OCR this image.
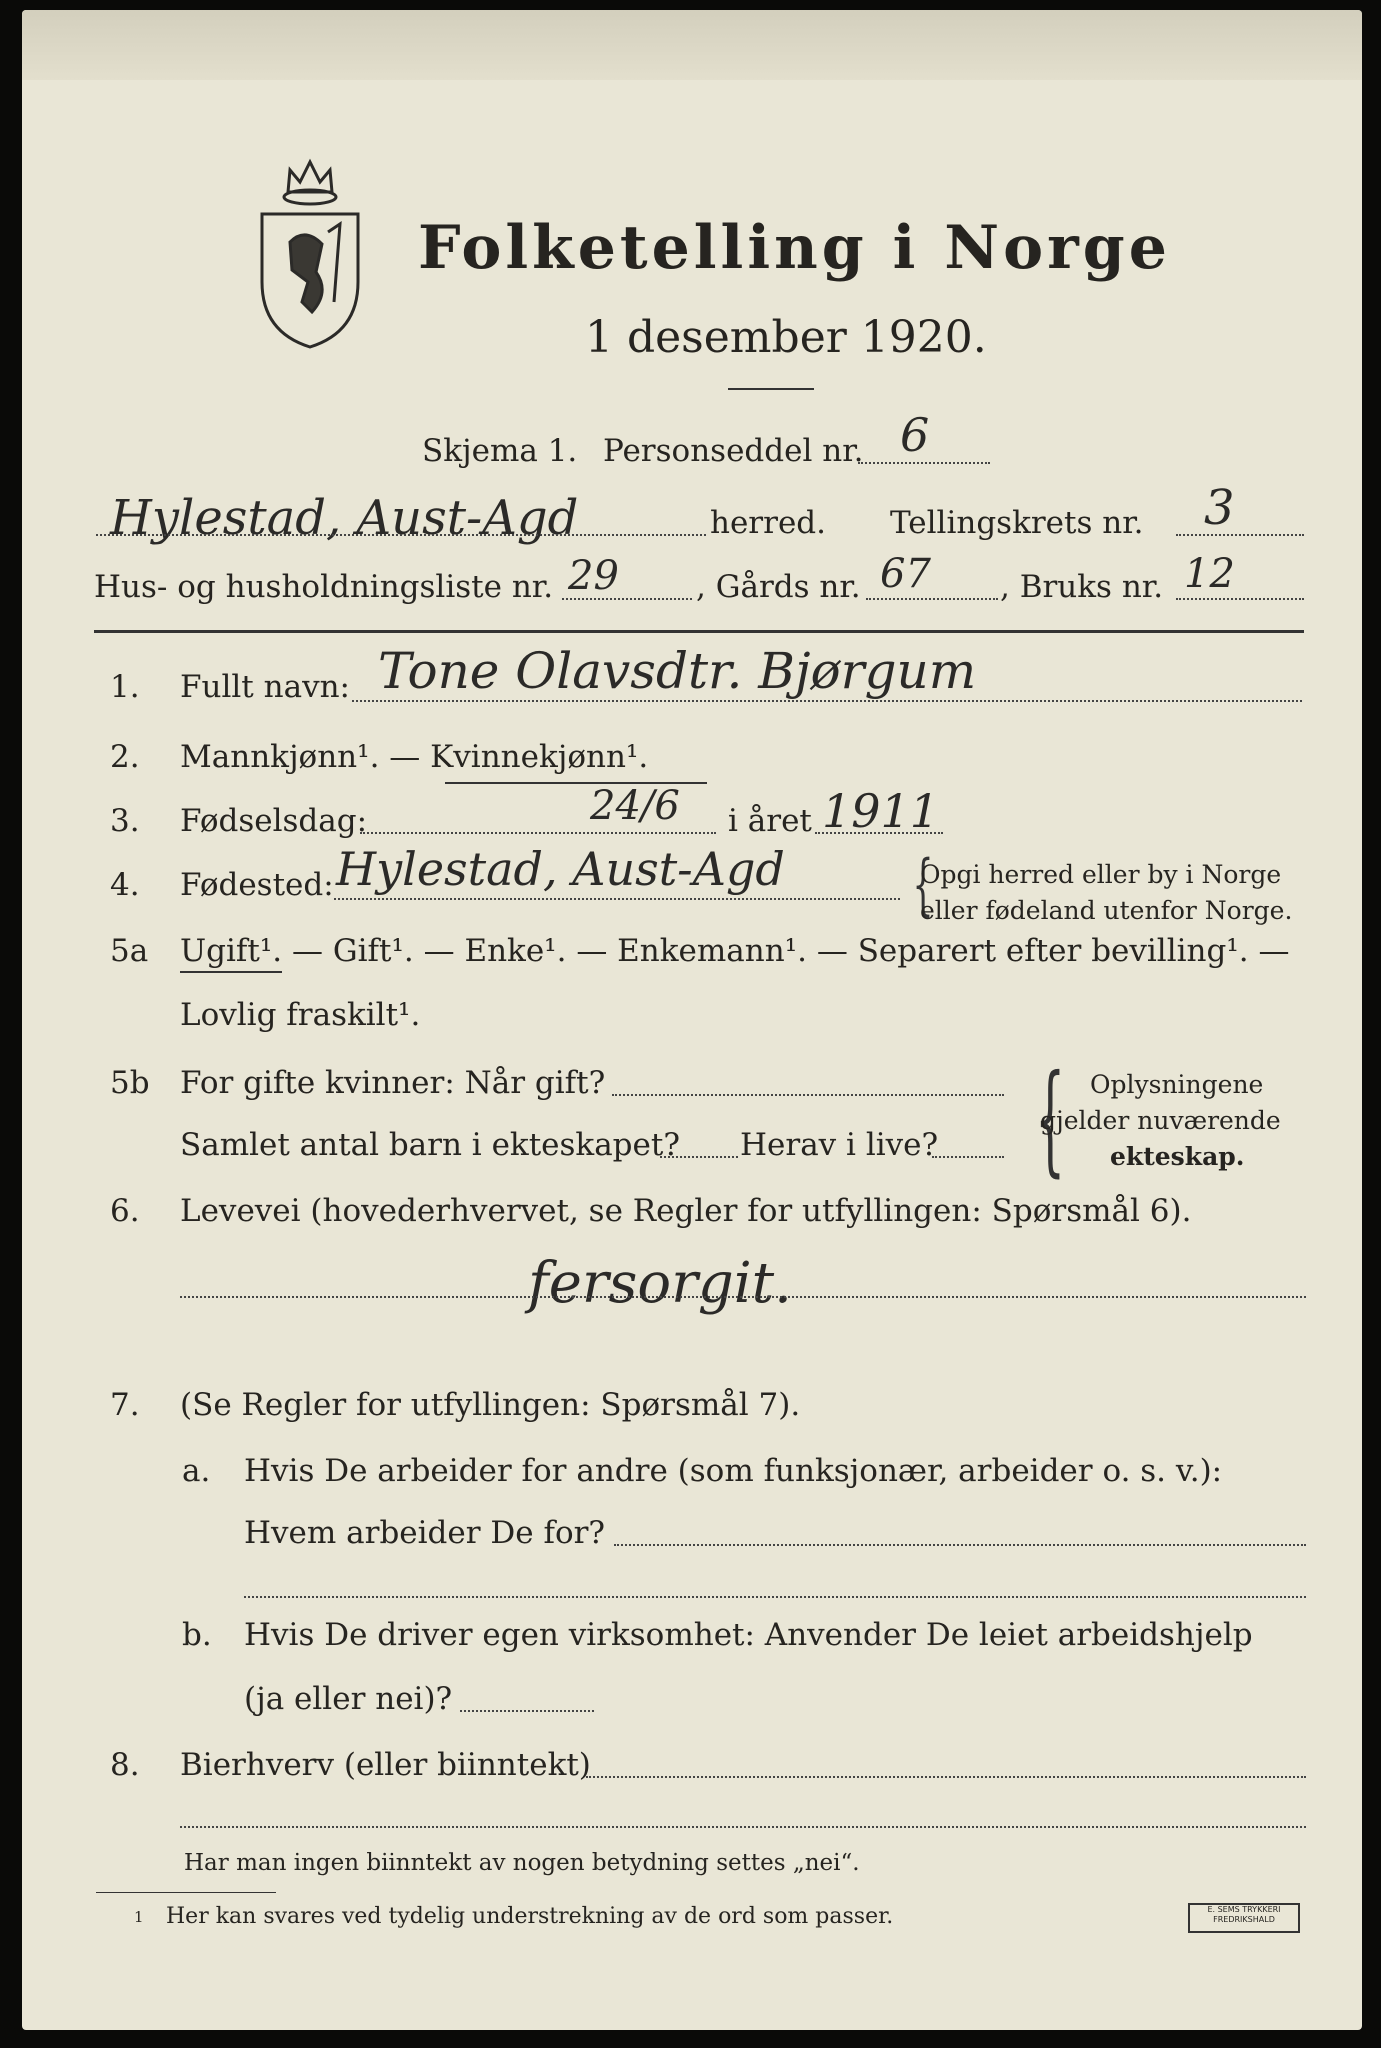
Folketelling i Norge
1 desember 1920.
Skjema 1. Personseddel nr. 6
Hylestad, Aust-Agd	herred. Tellingskrets nr. 3
Hus- og husholdningsliste nr. 29 , Gårds nr. 67 , Bruks nr. 12
1. Fullt navn: Tone Olavsdtr. Bjørgum
2. Mannkjønn¹. — Kvinnekjønn¹.
3. Fødselsdag:	24/6 i året 1911
4. Fødested: Hylestad, Aust-Agd {
Opgi herred eller by i Norge
eller fødeland utenfor Norge.
5a Ugift¹. — Gift¹. — Enke¹. — Enkemann¹. — Separert efter bevilling¹. —
Lovlig fraskilt¹.
5b For gifte kvinner: Når gift?
Samlet antal barn i ekteskapet? Herav i live? { Oplysningene
gjelder nuværende
ekteskap.
6. Levevei (hovederhvervet, se Regler for utfyllingen: Spørsmål 6).
fersorgit.
7. (Se Regler for utfyllingen: Spørsmål 7).
a. Hvis De arbeider for andre (som funksjonær, arbeider o. s. v.):
Hvem arbeider De for?
b. Hvis De driver egen virksomhet: Anvender De leiet arbeidshjelp
(ja eller nei)?
8. Bierhverv (eller biinntekt)
Har man ingen biinntekt av nogen betydning settes „nei“.
1 Her kan svares ved tydelig understrekning av de ord som passer.	E. SEMS TRYKKERI FREDRIKSHALD
